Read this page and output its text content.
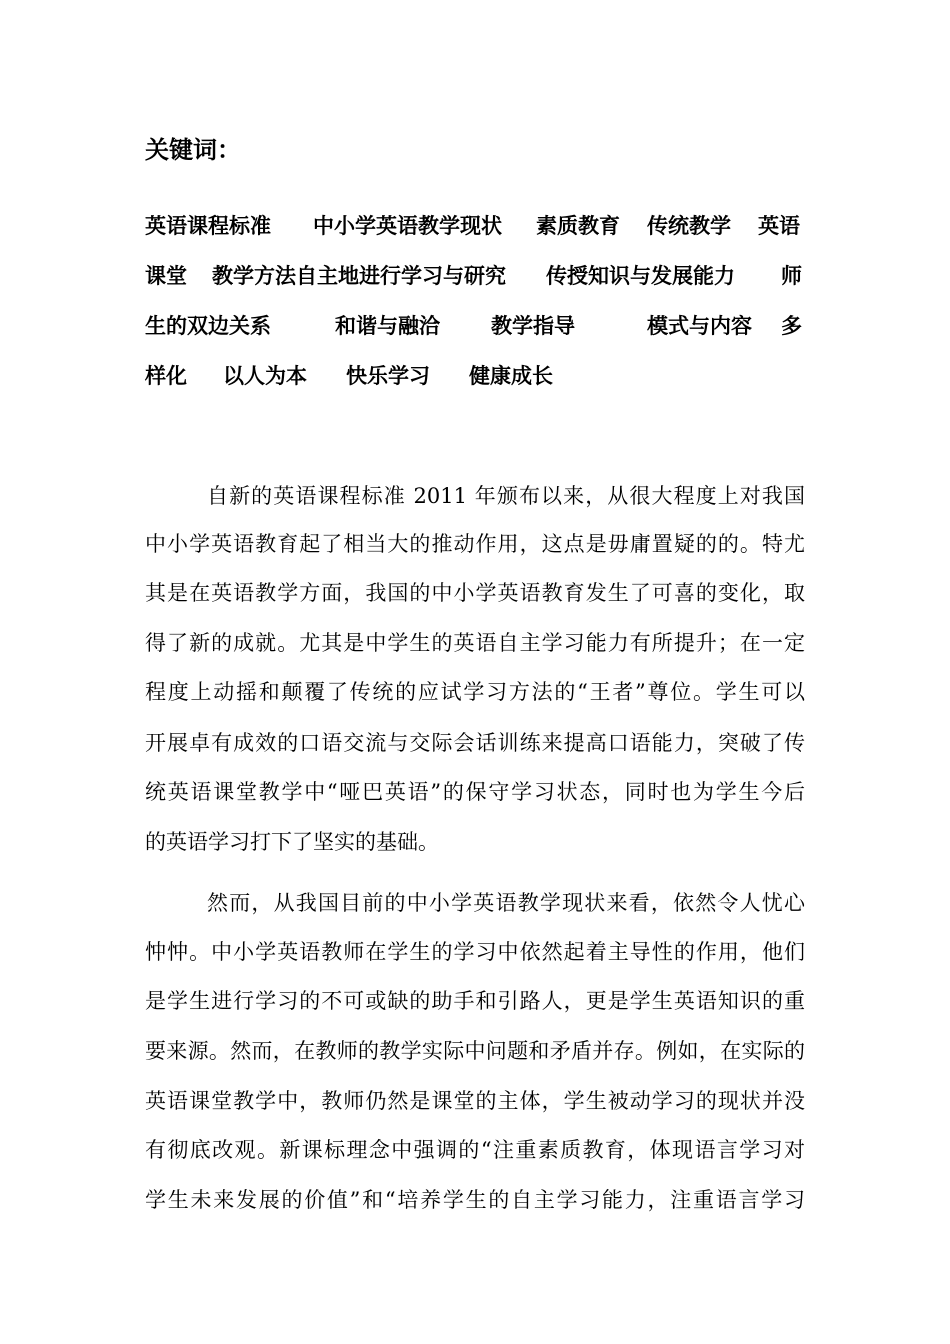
关键词：
英语课程标准 中小学英语教学现状 素质教育 传统教学 英语
课堂 教学方法自主地进行学习与研究 传授知识与发展能力 师
生的双边关系	和谐与融洽 教学指导	模式与内容 多
样化 以人为本 快乐学习 健康成长
自新的英语课程标准 2011 年颁布以来，从很大程度上对我国
中小学英语教育起了相当大的推动作用，这点是毋庸置疑的的。特尤
其是在英语教学方面，我国的中小学英语教育发生了可喜的变化，取
得了新的成就。尤其是中学生的英语自主学习能力有所提升；在一定
程度上动摇和颠覆了传统的应试学习方法的“王者”尊位。学生可以
开展卓有成效的口语交流与交际会话训练来提高口语能力，突破了传
统英语课堂教学中“哑巴英语”的保守学习状态，同时也为学生今后
的英语学习打下了坚实的基础。
然而，从我国目前的中小学英语教学现状来看，依然令人忧心
忡忡。中小学英语教师在学生的学习中依然起着主导性的作用，他们
是学生进行学习的不可或缺的助手和引路人，更是学生英语知识的重
要来源。然而，在教师的教学实际中问题和矛盾并存。例如，在实际的
英语课堂教学中，教师仍然是课堂的主体，学生被动学习的现状并没
有彻底改观。新课标理念中强调的“注重素质教育，体现语言学习对
学生未来发展的价值”和“培养学生的自主学习能力，注重语言学习
